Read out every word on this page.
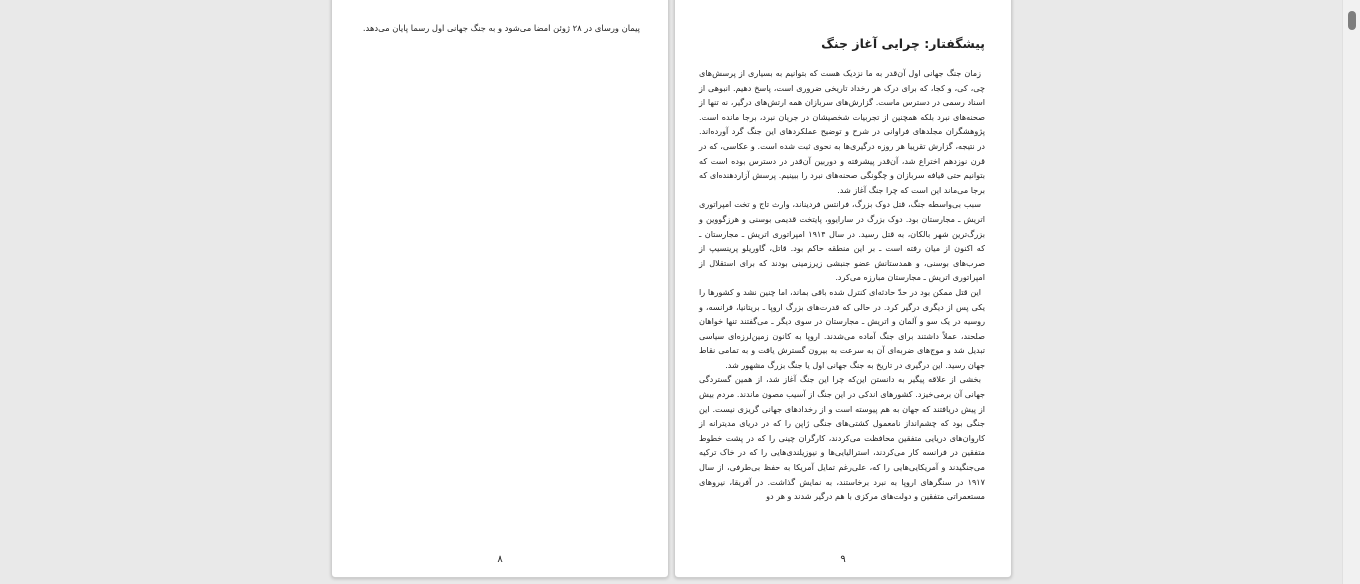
پیمان ورسای در ۲۸ ژوئن امضا می‌شود و به جنگ جهانی اول رسما پایان می‌دهد.
۸
پیشگفتار: چرایی آغاز جنگ

زمان جنگ جهانی اول آن‌قدر به ما نزدیک هست که بتوانیم به بسیاری از پرسش‌های چی، کی، و کجا، که برای درک هر رخداد تاریخی ضروری است، پاسخ دهیم. انبوهی از اسناد رسمی در دسترس ماست. گزارش‌های سربازان همه ارتش‌های درگیر، نه تنها از صحنه‌های نبرد بلکه همچنین از تجربیات شخصیشان در جریان نبرد، برجا مانده است. پژوهشگران مجلدهای فراوانی در شرح و توضیح عملکردهای این جنگ گرد آورده‌اند. در نتیجه، گزارش تقریبا هر روزه درگیری‌ها به نحوی ثبت شده است. و عکاسی، که در قرن نوزدهم اختراع شد، آن‌قدر پیشرفته و دوربین آن‌قدر در دسترس بوده است که بتوانیم حتی قیافه سربازان و چگونگی صحنه‌های نبرد را ببینیم. پرسش آزاردهنده‌ای که برجا می‌ماند این است که چرا جنگ آغاز شد.

سبب بی‌واسطه جنگ، قتل دوک بزرگ، فرانتس فردیناند، وارث تاج و تخت امپراتوری اتریش ـ مجارستان بود. دوک بزرگ در سارایوو، پایتخت قدیمی بوسنی و هرزگووین و بزرگ‌ترین شهر بالکان، به قتل رسید. در سال ۱۹۱۴ امپراتوری اتریش ـ مجارستان ـ که اکنون از میان رفته است ـ بر این منطقه حاکم بود. قاتل، گاوریلو پرینسیپ از صرب‌های بوسنی، و همدستانش عضو جنبشی زیرزمینی بودند که برای استقلال از امپراتوری اتریش ـ مجارستان مبارزه می‌کرد.

این قتل ممکن بود در حدّ حادثه‌ای کنترل شده باقی بماند، اما چنین نشد و کشورها را یکی پس از دیگری درگیر کرد. در حالی که قدرت‌های بزرگ اروپا ـ بریتانیا، فرانسه، و روسیه در یک سو و آلمان و اتریش ـ مجارستان در سوی دیگر ـ می‌گفتند تنها خواهان صلحند، عملاً داشتند برای جنگ آماده می‌شدند. اروپا به کانون زمین‌لرزه‌ای سیاسی تبدیل شد و موج‌های ضربه‌ای آن به سرعت به بیرون گسترش یافت و به تمامی نقاط جهان رسید. این درگیری در تاریخ به جنگ جهانی اول یا جنگ بزرگ مشهور شد.

بخشی از علاقه پیگیر به دانستن این‌که چرا این جنگ آغاز شد، از همین گستردگی جهانی آن برمی‌خیزد. کشورهای اندکی در این جنگ از آسیب مصون ماندند. مردم بیش از پیش دریافتند که جهان به هم پیوسته است و از رخدادهای جهانی گریزی نیست. این جنگی بود که چشم‌انداز نامعمول کشتی‌های جنگی ژاپن را که در دریای مدیترانه از کاروان‌های دریایی متفقین محافظت می‌کردند، کارگران چینی را که در پشت خطوط متفقین در فرانسه کار می‌کردند، استرالیایی‌ها و نیوزیلندی‌هایی را که در خاک ترکیه می‌جنگیدند و آمریکایی‌هایی را که، علی‌رغم تمایل آمریکا به حفظ بی‌طرفی، از سال ۱۹۱۷ در سنگرهای اروپا به نبرد برخاستند، به نمایش گذاشت. در آفریقا، نیروهای مستعمراتی متفقین و دولت‌های مرکزی با هم درگیر شدند و هر دو

۹
